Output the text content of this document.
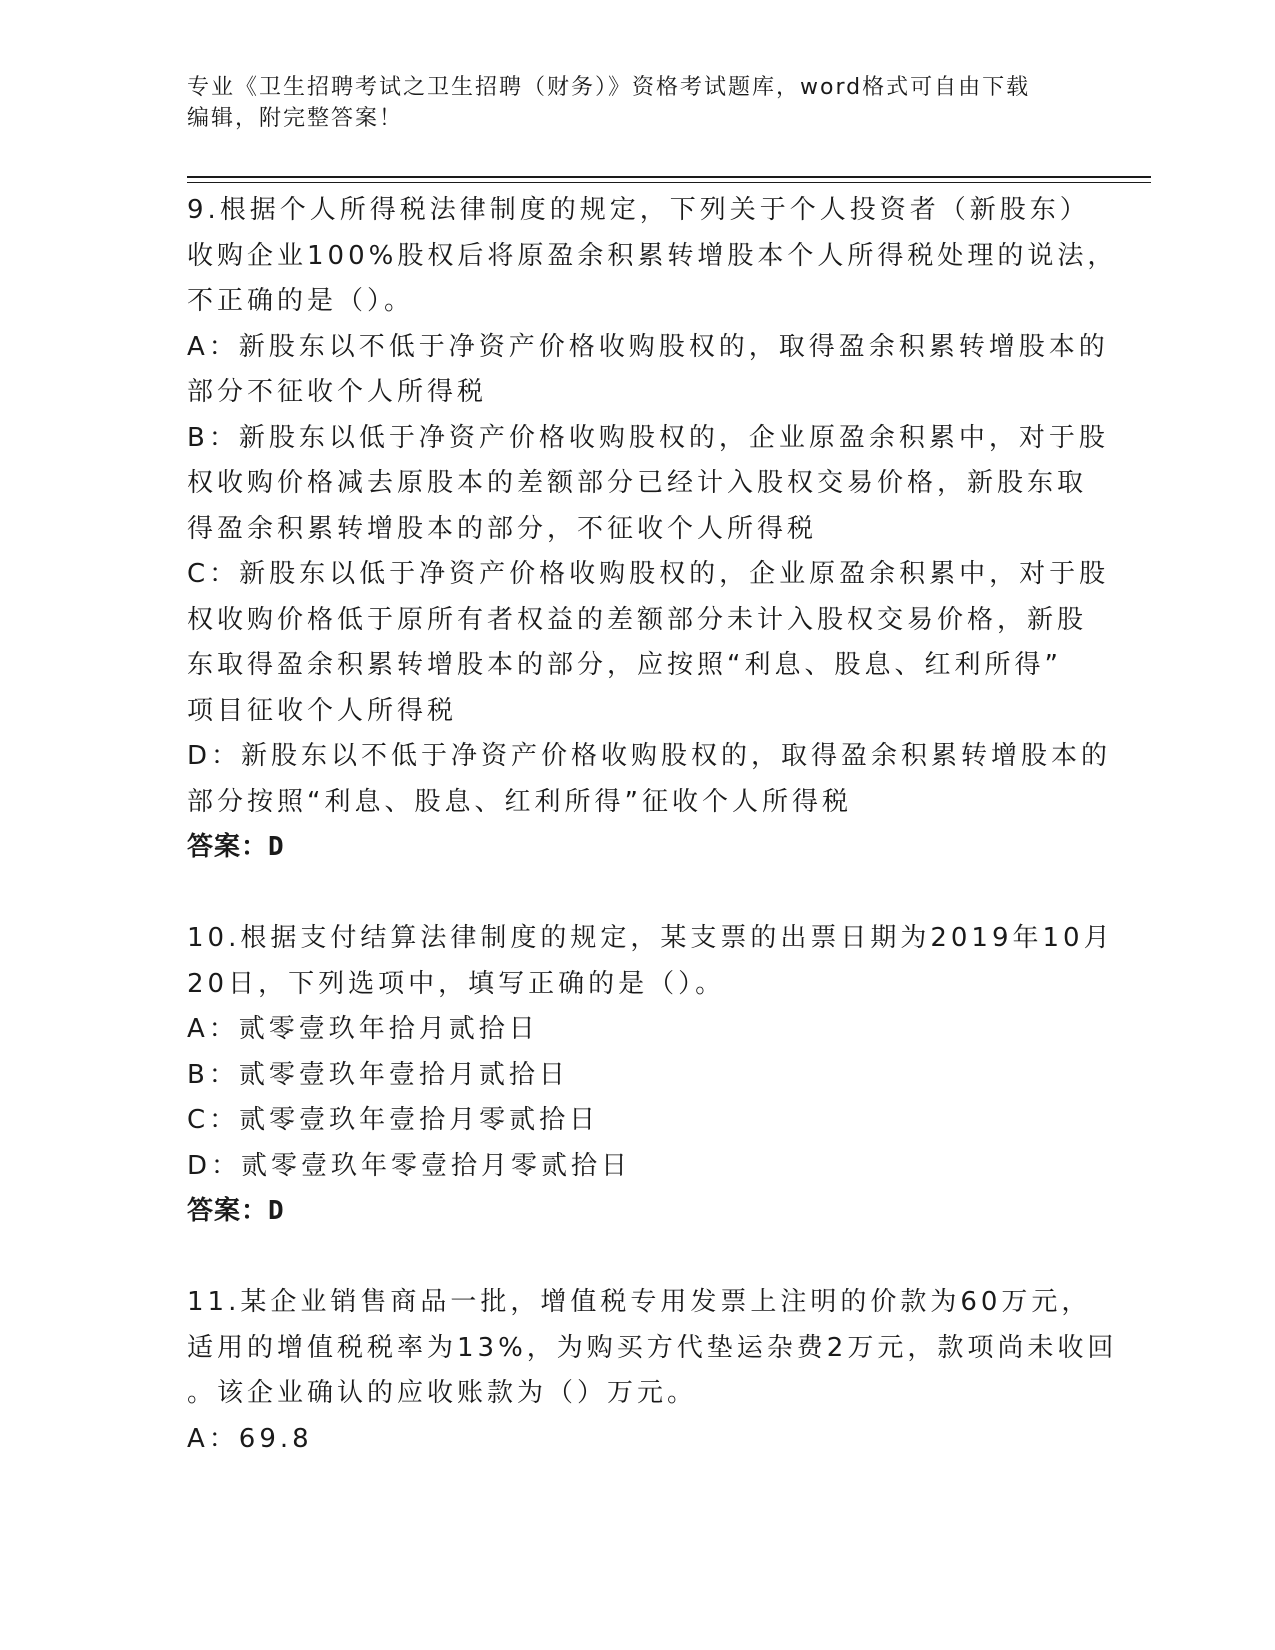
专业《卫生招聘考试之卫生招聘（财务）》资格考试题库，word格式可自由下载
编辑，附完整答案！
9.根据个人所得税法律制度的规定，下列关于个人投资者（新股东）
收购企业100%股权后将原盈余积累转增股本个人所得税处理的说法，
不正确的是（）。
A：新股东以不低于净资产价格收购股权的，取得盈余积累转增股本的
部分不征收个人所得税
B：新股东以低于净资产价格收购股权的，企业原盈余积累中，对于股
权收购价格减去原股本的差额部分已经计入股权交易价格，新股东取
得盈余积累转增股本的部分，不征收个人所得税
C：新股东以低于净资产价格收购股权的，企业原盈余积累中，对于股
权收购价格低于原所有者权益的差额部分未计入股权交易价格，新股
东取得盈余积累转增股本的部分，应按照“利息、股息、红利所得”
项目征收个人所得税
D：新股东以不低于净资产价格收购股权的，取得盈余积累转增股本的
部分按照“利息、股息、红利所得”征收个人所得税
答案：D
10.根据支付结算法律制度的规定，某支票的出票日期为2019年10月
20日，下列选项中，填写正确的是（）。
A：贰零壹玖年拾月贰拾日
B：贰零壹玖年壹拾月贰拾日
C：贰零壹玖年壹拾月零贰拾日
D：贰零壹玖年零壹拾月零贰拾日
答案：D
11.某企业销售商品一批，增值税专用发票上注明的价款为60万元，
适用的增值税税率为13%，为购买方代垫运杂费2万元，款项尚未收回
。该企业确认的应收账款为（）万元。
A：69.8
